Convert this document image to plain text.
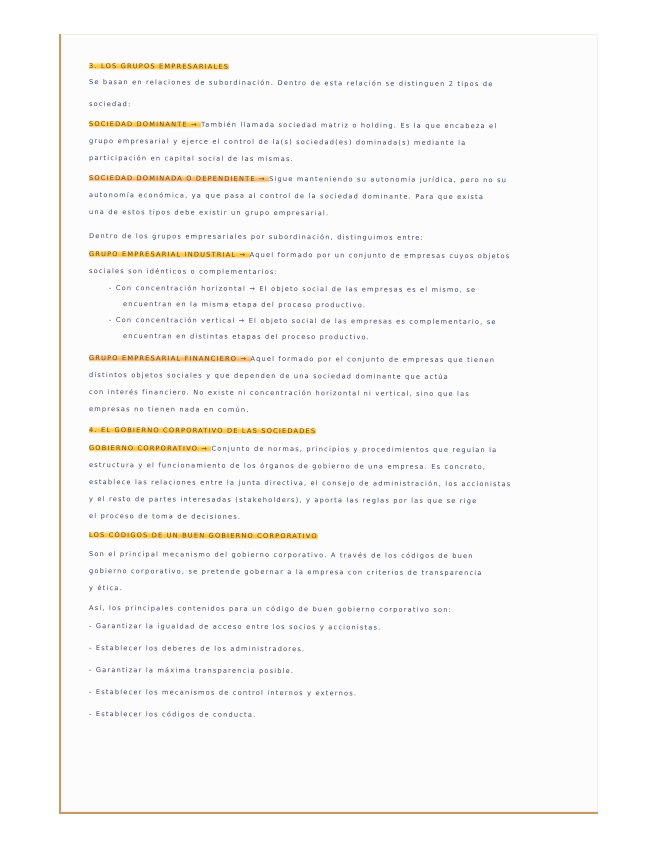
3. LOS GRUPOS EMPRESARIALES
Se basan en relaciones de subordinación. Dentro de esta relación se distinguen 2 tipos de
sociedad:
SOCIEDAD DOMINANTE → También llamada sociedad matriz o holding. Es la que encabeza el
grupo empresarial y ejerce el control de la(s) sociedad(es) dominada(s) mediante la
participación en capital social de las mismas.
SOCIEDAD DOMINADA O DEPENDIENTE → Sigue manteniendo su autonomía jurídica, pero no su
autonomía económica, ya que pasa al control de la sociedad dominante. Para que exista
una de estos tipos debe existir un grupo empresarial.
Dentro de los grupos empresariales por subordinación, distinguimos entre:
GRUPO EMPRESARIAL INDUSTRIAL → Aquel formado por un conjunto de empresas cuyos objetos
sociales son idénticos o complementarios:
- Con concentración horizontal → El objeto social de las empresas es el mismo, se
encuentran en la misma etapa del proceso productivo.
- Con concentración vertical → El objeto social de las empresas es complementario, se
encuentran en distintas etapas del proceso productivo.
GRUPO EMPRESARIAL FINANCIERO → Aquel formado por el conjunto de empresas que tienen
distintos objetos sociales y que dependen de una sociedad dominante que actúa
con interés financiero. No existe ni concentración horizontal ni vertical, sino que las
empresas no tienen nada en común.
4. EL GOBIERNO CORPORATIVO DE LAS SOCIEDADES
GOBIERNO CORPORATIVO → Conjunto de normas, principios y procedimientos que regulan la
estructura y el funcionamiento de los órganos de gobierno de una empresa. Es concreto,
establece las relaciones entre la junta directiva, el consejo de administración, los accionistas
y el resto de partes interesadas (stakeholders), y aporta las reglas por las que se rige
el proceso de toma de decisiones.
LOS CÓDIGOS DE UN BUEN GOBIERNO CORPORATIVO
Son el principal mecanismo del gobierno corporativo. A través de los códigos de buen
gobierno corporativo, se pretende gobernar a la empresa con criterios de transparencia
y ética.
Así, los principales contenidos para un código de buen gobierno corporativo son:
- Garantizar la igualdad de acceso entre los socios y accionistas.
- Establecer los deberes de los administradores.
- Garantizar la máxima transparencia posible.
- Establecer los mecanismos de control internos y externos.
- Establecer los códigos de conducta.
